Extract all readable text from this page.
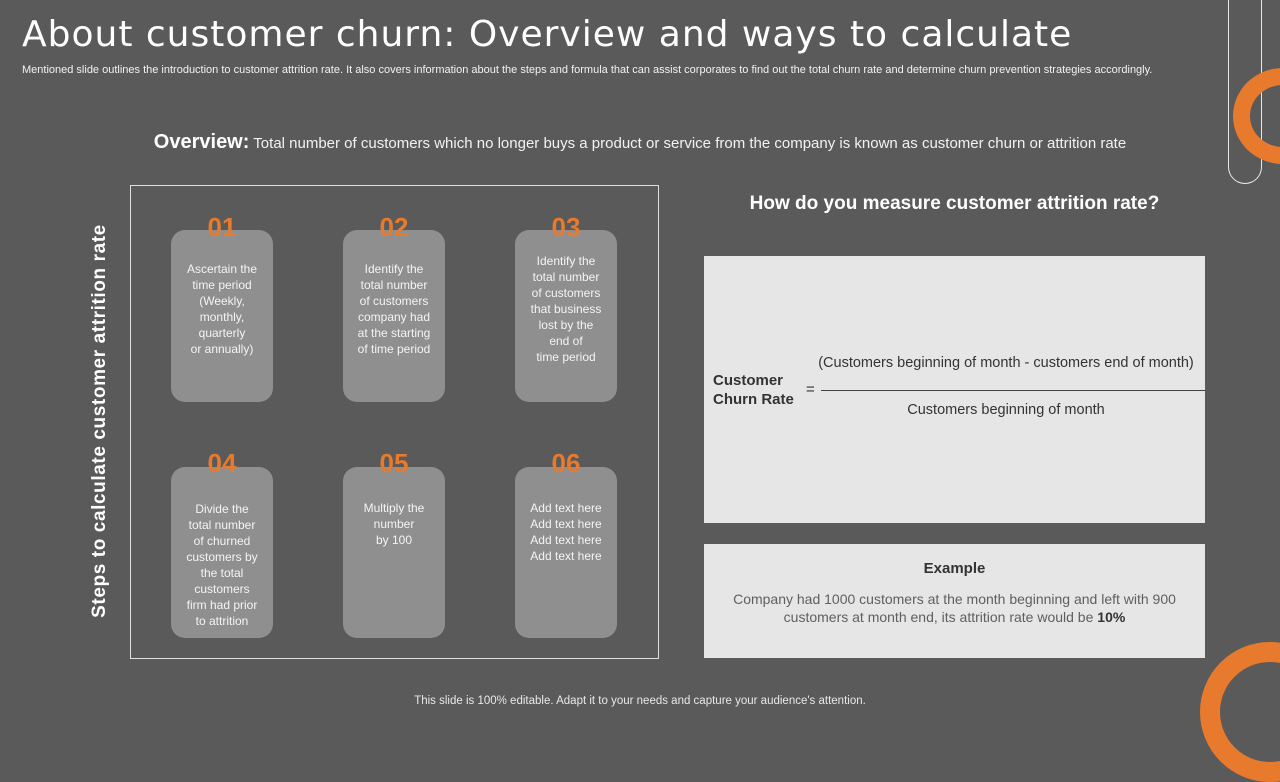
About customer churn: Overview and ways to calculate
Mentioned slide outlines the introduction to customer attrition rate. It also covers information about the steps and formula that can assist corporates to find out the total churn rate and determine churn prevention strategies accordingly.
Overview: Total number of customers which no longer buys a product or service from the company is known as customer churn or attrition rate
Steps to calculate customer attrition rate	01
Ascertain the
time period
(Weekly,
monthly,
quarterly
or annually)
02
Identify the
total number
of customers
company had
at the starting
of time period
03
Identify the
total number
of customers
that business
lost by the
end of
time period
04
Divide the
total number
of churned
customers by
the total
customers
firm had prior
to attrition
05
Multiply the
number
by 100
06
Add text here
Add text here
Add text here
Add text here
How do you measure customer attrition rate?
Customer
Churn Rate
=
(Customers beginning of month - customers end of month)
Customers beginning of month
Example
Company had 1000 customers at the month beginning and left with 900 customers at month end, its attrition rate would be 10%
This slide is 100% editable. Adapt it to your needs and capture your audience's attention.
